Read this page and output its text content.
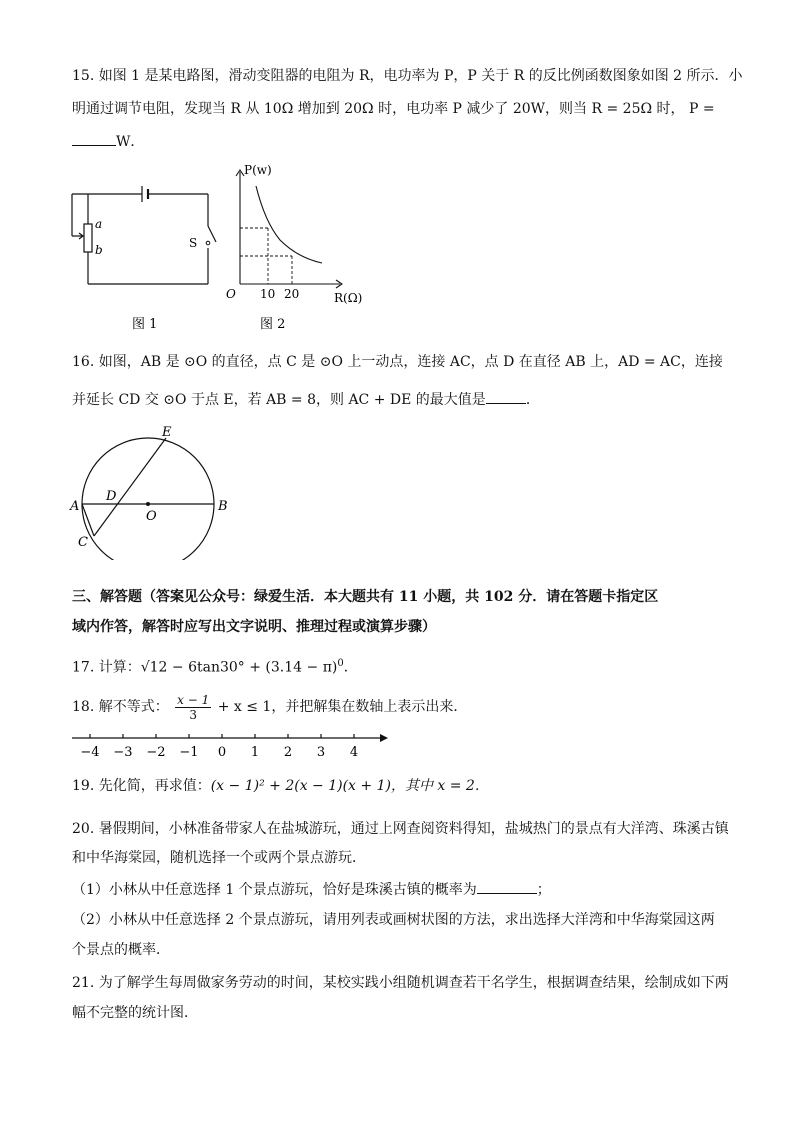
15. 如图 1 是某电路图，滑动变阻器的电阻为 R，电功率为 P，P 关于 R 的反比例函数图象如图 2 所示．小
明通过调节电阻，发现当 R 从 10Ω 增加到 20Ω 时，电功率 P 减少了 20W，则当 R = 25Ω 时， P =
W．
a
b	S
图 1
P(w)
R(Ω)
O 10 20
图 2
16. 如图，AB 是 ⊙O 的直径，点 C 是 ⊙O 上一动点，连接 AC，点 D 在直径 AB 上，AD = AC，连接
并延长 CD 交 ⊙O 于点 E，若 AB = 8，则 AC + DE 的最大值是	．
E
A	B
D
O
C
三、解答题（答案见公众号：绿爱生活．本大题共有 11 小题，共 102 分．请在答题卡指定区
域内作答，解答时应写出文字说明、推理过程或演算步骤）
17. 计算：$√12 - 6\tan 30^\circ + (3.14 - \pi)^0$．
18. 解不等式： $\frac{x - 1}{3} + x \le 1$，并把解集在数轴上表示出来．
−4 −3 −2 −1 0 1 2 3 4
19. 先化简，再求值：(x − 1)² + 2(x − 1)(x + 1)，其中 x = 2．
20. 暑假期间，小林准备带家人在盐城游玩，通过上网查阅资料得知，盐城热门的景点有大洋湾、珠溪古镇
和中华海棠园，随机选择一个或两个景点游玩．
（1）小林从中任意选择 1 个景点游玩，恰好是珠溪古镇的概率为	；
（2）小林从中任意选择 2 个景点游玩，请用列表或画树状图的方法，求出选择大洋湾和中华海棠园这两
个景点的概率．
21. 为了解学生每周做家务劳动的时间，某校实践小组随机调查若干名学生，根据调查结果，绘制成如下两
幅不完整的统计图．
